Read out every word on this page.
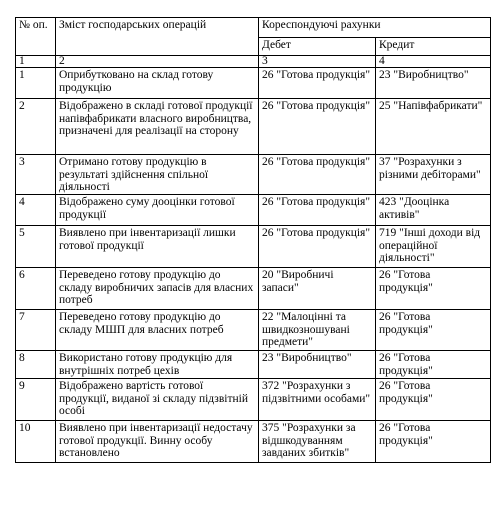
№ оп.	Зміст господарських операцій	Кореспондуючі рахунки	
		Дебет	Кредит
1	2	3	4
1	Оприбутковано на склад готову продукцію	26 "Готова продукція"	23 "Виробництво"
2	Відображено в складі готової продукції напівфабрикати власного виробництва, призначені для реалізації на сторону	26 "Готова продукція"	25 "Напівфабрикати"
3	Отримано готову продукцію в результаті здійснення спільної діяльності	26 "Готова продукція"	37 "Розрахунки з різними дебіторами"
4	Відображено суму дооцінки готової продукції	26 "Готова продукція"	423 "Дооцінка активів"
5	Виявлено при інвентаризації лишки готової продукції	26 "Готова продукція"	719 "Інші доходи від операційної діяльності"
6	Переведено готову продукцію до складу виробничих запасів для власних потреб	20 "Виробничі запаси"	26 "Готова продукція"
7	Переведено готову продукцію до складу МШП для власних потреб	22 "Малоцінні та швидкозношувані предмети"	26 "Готова продукція"
8	Використано готову продукцію для внутрішніх потреб цехів	23 "Виробництво"	26 "Готова продукція"
9	Відображено вартість готової продукції, виданої зі складу підзвітній особі	372 "Розрахунки з підзвітними особами"	26 "Готова продукція"
10	Виявлено при інвентаризації недостачу готової продукції. Винну особу встановлено	375 "Розрахунки за відшкодуванням завданих збитків"	26 "Готова продукція"
